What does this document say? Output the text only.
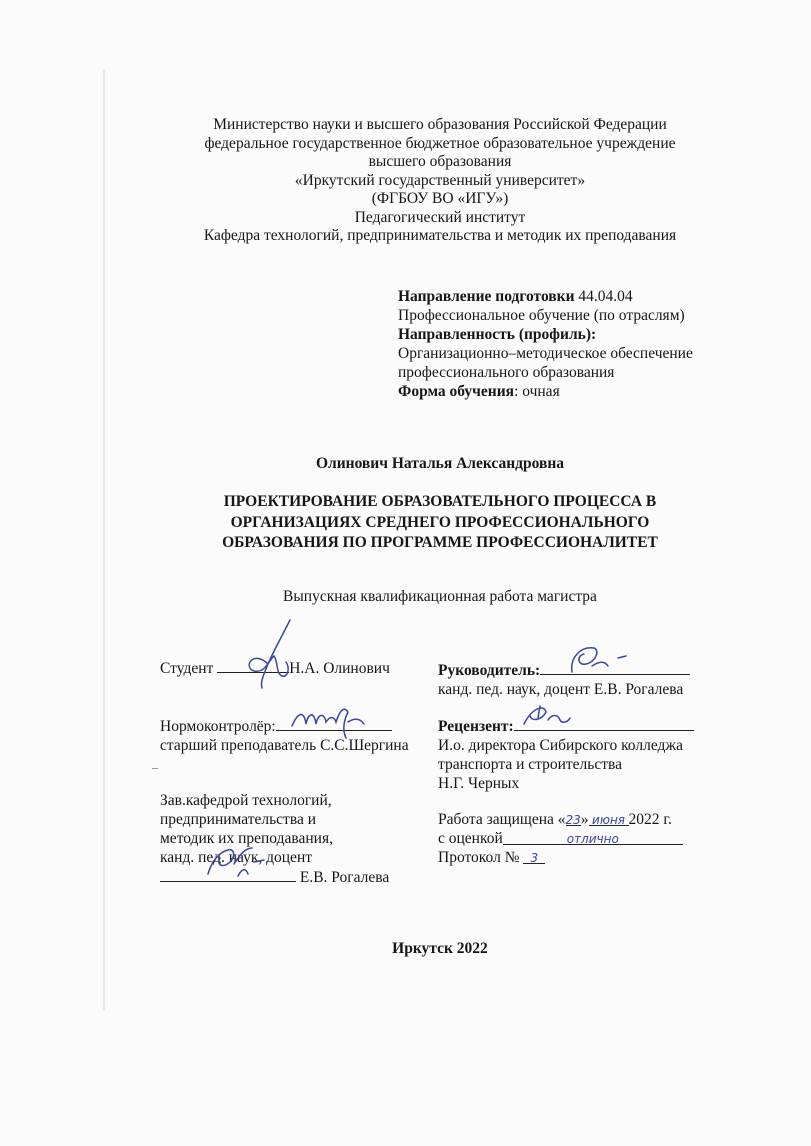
Министерство науки и высшего образования Российской Федерации
федеральное государственное бюджетное образовательное учреждение
высшего образования
«Иркутский государственный университет»
(ФГБОУ ВО «ИГУ»)
Педагогический институт
Кафедра технологий, предпринимательства и методик их преподавания
Направление подготовки 44.04.04
Профессиональное обучение (по отраслям)
Направленность (профиль):
Организационно–методическое обеспечение
профессионального образования
Форма обучения: очная
Олинович Наталья Александровна
ПРОЕКТИРОВАНИЕ ОБРАЗОВАТЕЛЬНОГО ПРОЦЕССА В
ОРГАНИЗАЦИЯХ СРЕДНЕГО ПРОФЕССИОНАЛЬНОГО
ОБРАЗОВАНИЯ ПО ПРОГРАММЕ ПРОФЕССИОНАЛИТЕТ
Выпускная квалификационная работа магистра
Студент	Н.А. Олинович	Руководитель:
канд. пед. наук, доцент Е.В. Рогалева
Нормоконтролёр:
старший преподаватель С.С.Шергина
Рецензент:
И.о. директора Сибирского колледжа
транспорта и строительства
Н.Г. Черных
Зав.кафедрой технологий,
предпринимательства и
методик их преподавания,
канд. пед. наук, доцент
Е.В. Рогалева
Работа защищена «23» июня 2022 г.
с оценкой	отлично
Протокол № 3
Иркутск 2022
